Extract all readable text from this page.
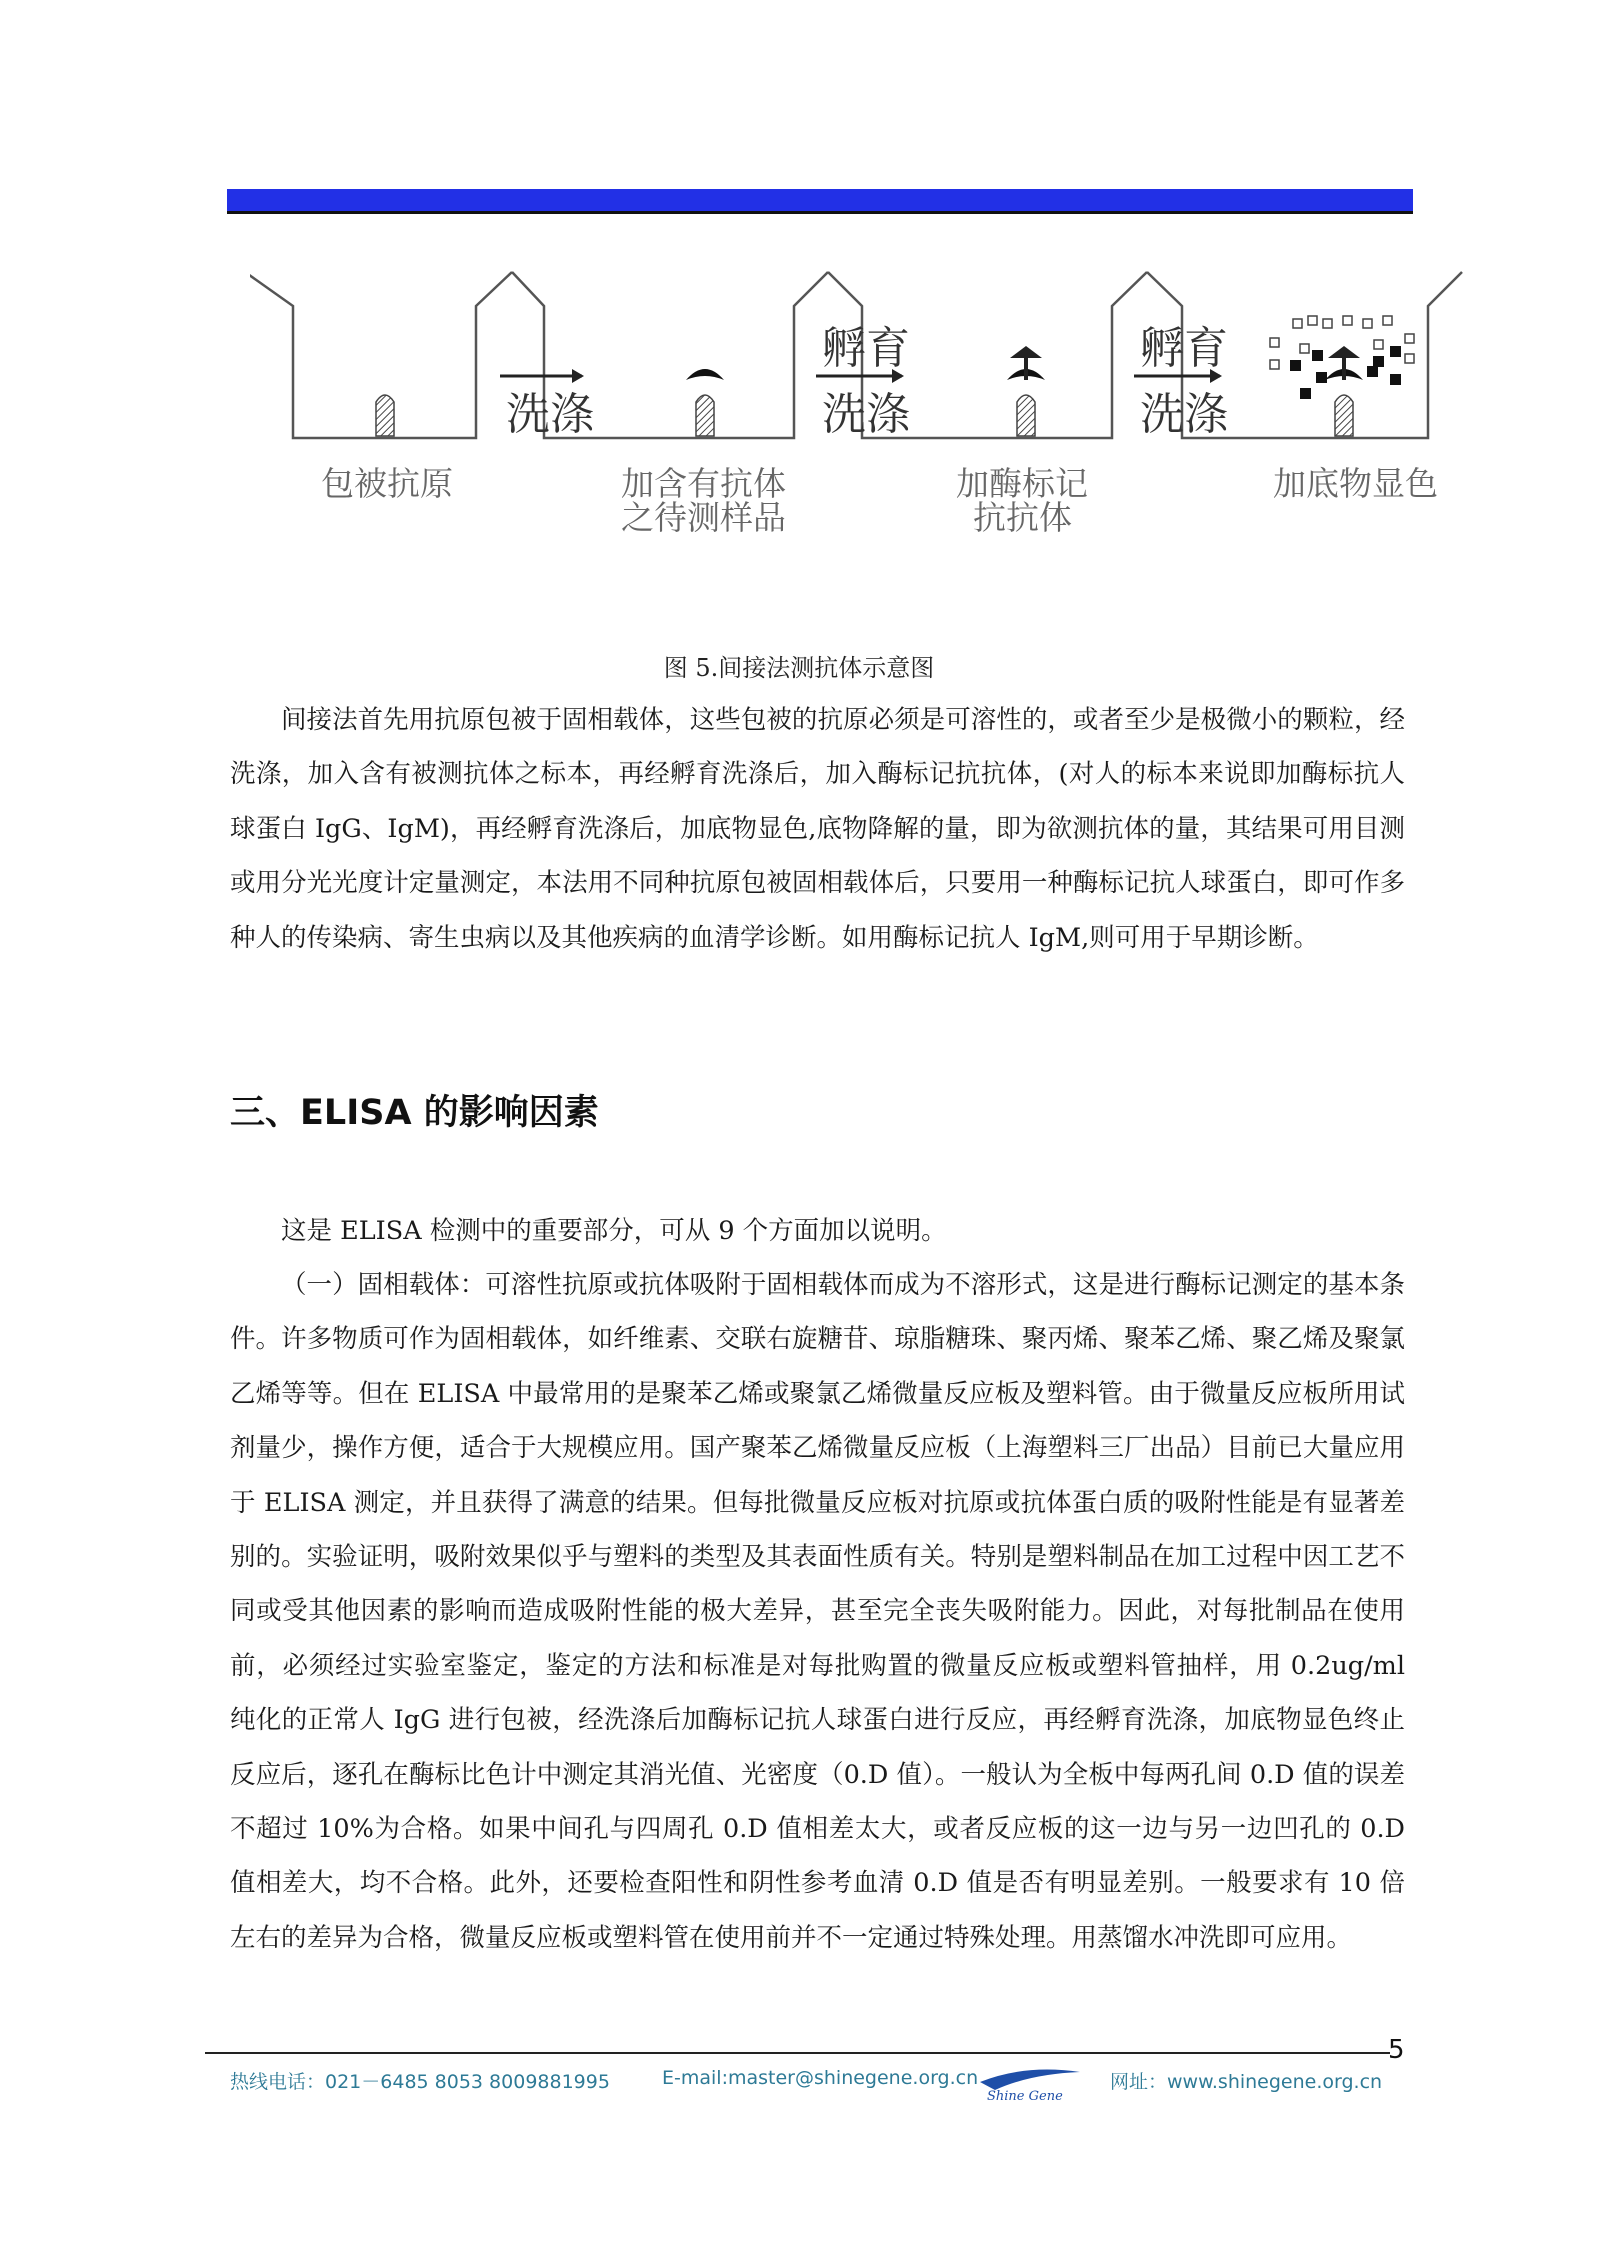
洗涤
孵育
洗涤
孵育
洗涤
包被抗原	加含有抗体
之待测样品
加酶标记
抗抗体
加底物显色
图 5.间接法测抗体示意图

间接法首先用抗原包被于固相载体，这些包被的抗原必须是可溶性的，或者至少是极微小的颗粒，经洗涤，加入含有被测抗体之标本，再经孵育洗涤后，加入酶标记抗抗体，(对人的标本来说即加酶标抗人球蛋白 IgG、IgM)，再经孵育洗涤后，加底物显色,底物降解的量，即为欲测抗体的量，其结果可用目测或用分光光度计定量测定，本法用不同种抗原包被固相载体后，只要用一种酶标记抗人球蛋白，即可作多种人的传染病、寄生虫病以及其他疾病的血清学诊断。如用酶标记抗人 IgM,则可用于早期诊断。

三、ELISA 的影响因素

这是 ELISA 检测中的重要部分，可从 9 个方面加以说明。

（一）固相载体：可溶性抗原或抗体吸附于固相载体而成为不溶形式，这是进行酶标记测定的基本条件。许多物质可作为固相载体，如纤维素、交联右旋糖苷、琼脂糖珠、聚丙烯、聚苯乙烯、聚乙烯及聚氯乙烯等等。但在 ELISA 中最常用的是聚苯乙烯或聚氯乙烯微量反应板及塑料管。由于微量反应板所用试剂量少，操作方便，适合于大规模应用。国产聚苯乙烯微量反应板（上海塑料三厂出品）目前已大量应用于 ELISA 测定，并且获得了满意的结果。但每批微量反应板对抗原或抗体蛋白质的吸附性能是有显著差别的。实验证明，吸附效果似乎与塑料的类型及其表面性质有关。特别是塑料制品在加工过程中因工艺不同或受其他因素的影响而造成吸附性能的极大差异，甚至完全丧失吸附能力。因此，对每批制品在使用前，必须经过实验室鉴定，鉴定的方法和标准是对每批购置的微量反应板或塑料管抽样，用 0.2ug/ml 纯化的正常人 IgG 进行包被，经洗涤后加酶标记抗人球蛋白进行反应，再经孵育洗涤，加底物显色终止反应后，逐孔在酶标比色计中测定其消光值、光密度（0.D 值）。一般认为全板中每两孔间 0.D 值的误差不超过 10%为合格。如果中间孔与四周孔 0.D 值相差太大，或者反应板的这一边与另一边凹孔的 0.D 值相差大，均不合格。此外，还要检查阳性和阴性参考血清 0.D 值是否有明显差别。一般要求有 10 倍左右的差异为合格，微量反应板或塑料管在使用前并不一定通过特殊处理。用蒸馏水冲洗即可应用。

5
热线电话：021－6485 8053 8009881995	E-mail:master@shinegene.org.cn	网址：www.shinegene.org.cn
Shine Gene
